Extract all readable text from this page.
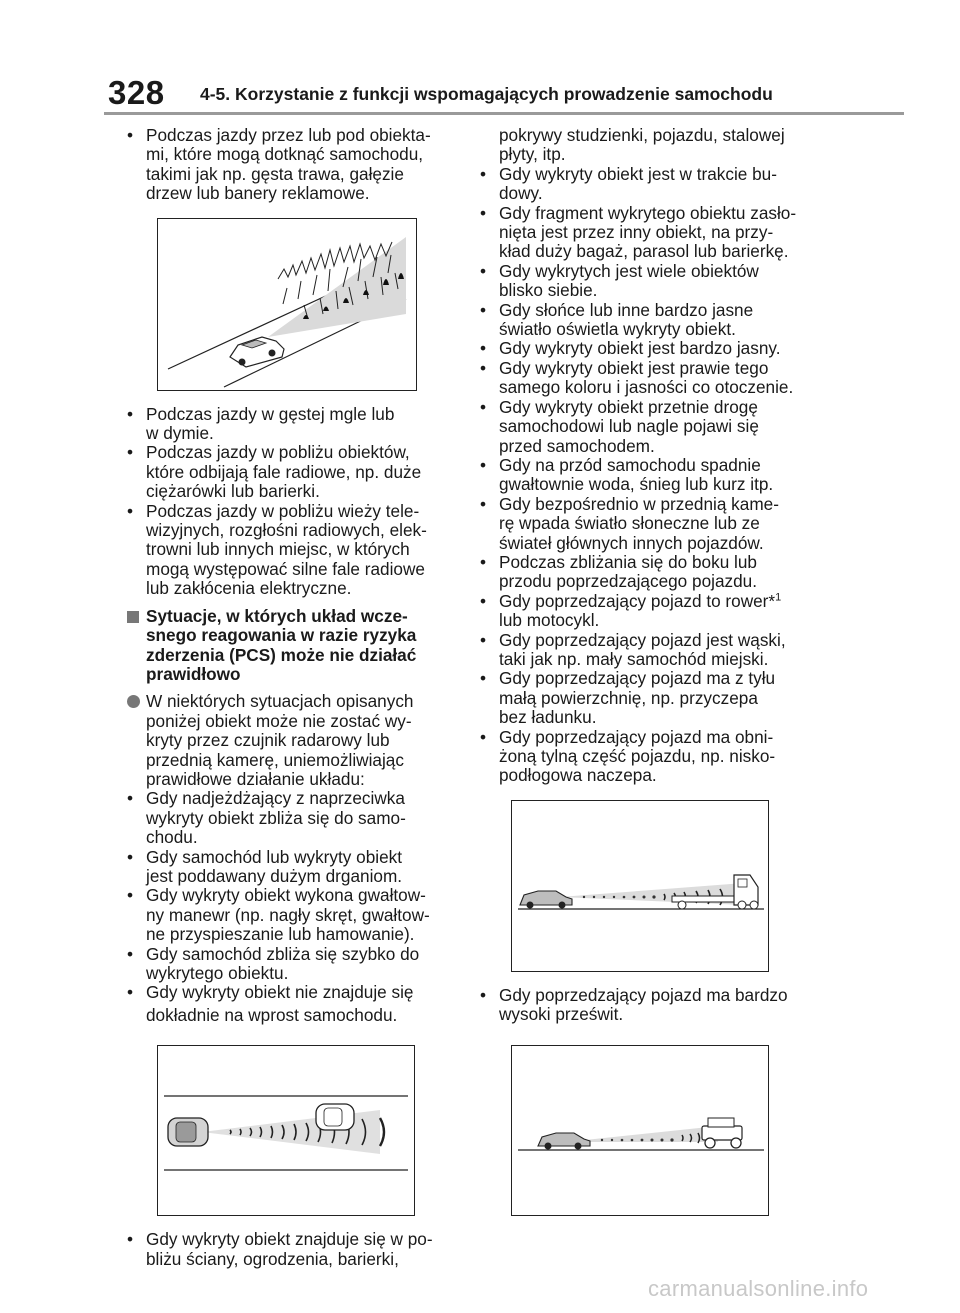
328 4-5. Korzystanie z funkcji wspomagających prowadzenie samochodu
• Podczas jazdy przez lub pod obiekta-
mi, które mogą dotknąć samochodu,
takimi jak np. gęsta trawa, gałęzie
drzew lub banery reklamowe.
• Podczas jazdy w gęstej mgle lub
w dymie.
• Podczas jazdy w pobliżu obiektów,
które odbijają fale radiowe, np. duże
ciężarówki lub barierki.
• Podczas jazdy w pobliżu wieży tele-
wizyjnych, rozgłośni radiowych, elek-
trowni lub innych miejsc, w których
mogą występować silne fale radiowe
lub zakłócenia elektryczne.
Sytuacje, w których układ wcze-
snego reagowania w razie ryzyka
zderzenia (PCS) może nie działać
prawidłowo
W niektórych sytuacjach opisanych
poniżej obiekt może nie zostać wy-
kryty przez czujnik radarowy lub
przednią kamerę, uniemożliwiając
prawidłowe działanie układu:
• Gdy nadjeżdżający z naprzeciwka
wykryty obiekt zbliża się do samo-
chodu.
• Gdy samochód lub wykryty obiekt
jest poddawany dużym drganiom.
• Gdy wykryty obiekt wykona gwałtow-
ny manewr (np. nagły skręt, gwałtow-
ne przyspieszanie lub hamowanie).
• Gdy samochód zbliża się szybko do
wykrytego obiektu.
• Gdy wykryty obiekt nie znajduje się
dokładnie na wprost samochodu.
• Gdy wykryty obiekt znajduje się w po-
bliżu ściany, ogrodzenia, barierki,
pokrywy studzienki, pojazdu, stalowej
płyty, itp.
• Gdy wykryty obiekt jest w trakcie bu-
dowy.
• Gdy fragment wykrytego obiektu zasło-
nięta jest przez inny obiekt, na przy-
kład duży bagaż, parasol lub barierkę.
• Gdy wykrytych jest wiele obiektów
blisko siebie.
• Gdy słońce lub inne bardzo jasne
światło oświetla wykryty obiekt.
• Gdy wykryty obiekt jest bardzo jasny.
• Gdy wykryty obiekt jest prawie tego
samego koloru i jasności co otoczenie.
• Gdy wykryty obiekt przetnie drogę
samochodowi lub nagle pojawi się
przed samochodem.
• Gdy na przód samochodu spadnie
gwałtownie woda, śnieg lub kurz itp.
• Gdy bezpośrednio w przednią kame-
rę wpada światło słoneczne lub ze
świateł głównych innych pojazdów.
• Podczas zbliżania się do boku lub
przodu poprzedzającego pojazdu.
• Gdy poprzedzający pojazd to rower*$^1$
lub motocykl.
• Gdy poprzedzający pojazd jest wąski,
taki jak np. mały samochód miejski.
• Gdy poprzedzający pojazd ma z tyłu
małą powierzchnię, np. przyczepa
bez ładunku.
• Gdy poprzedzający pojazd ma obni-
żoną tylną część pojazdu, np. nisko-
podłogowa naczepa.
• Gdy poprzedzający pojazd ma bardzo
wysoki prześwit.
carmanualsonline.info
